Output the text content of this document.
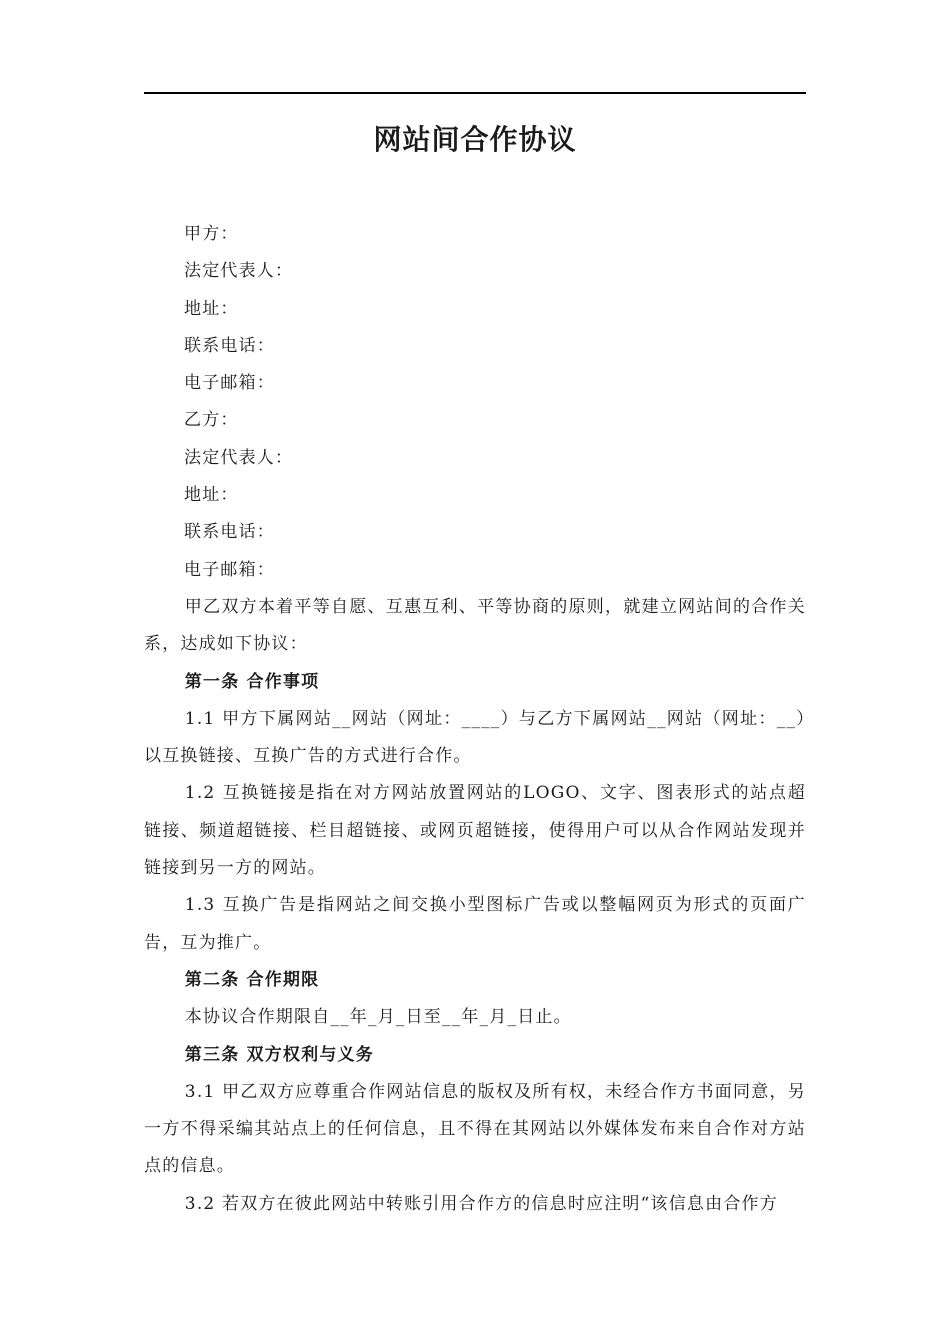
网站间合作协议

甲方：

法定代表人：

地址：

联系电话：

电子邮箱：

乙方：

法定代表人：

地址：

联系电话：

电子邮箱：

甲乙双方本着平等自愿、互惠互利、平等协商的原则，就建立网站间的合作关系，达成如下协议：

第一条 合作事项

1.1 甲方下属网站__网站（网址：____）与乙方下属网站__网站（网址：__）以互换链接、互换广告的方式进行合作。

1.2 互换链接是指在对方网站放置网站的LOGO、文字、图表形式的站点超链接、频道超链接、栏目超链接、或网页超链接，使得用户可以从合作网站发现并链接到另一方的网站。

1.3 互换广告是指网站之间交换小型图标广告或以整幅网页为形式的页面广告，互为推广。

第二条 合作期限

本协议合作期限自__年_月_日至__年_月_日止。

第三条 双方权利与义务

3.1 甲乙双方应尊重合作网站信息的版权及所有权，未经合作方书面同意，另一方不得采编其站点上的任何信息，且不得在其网站以外媒体发布来自合作对方站点的信息。

3.2 若双方在彼此网站中转账引用合作方的信息时应注明“该信息由合作方
